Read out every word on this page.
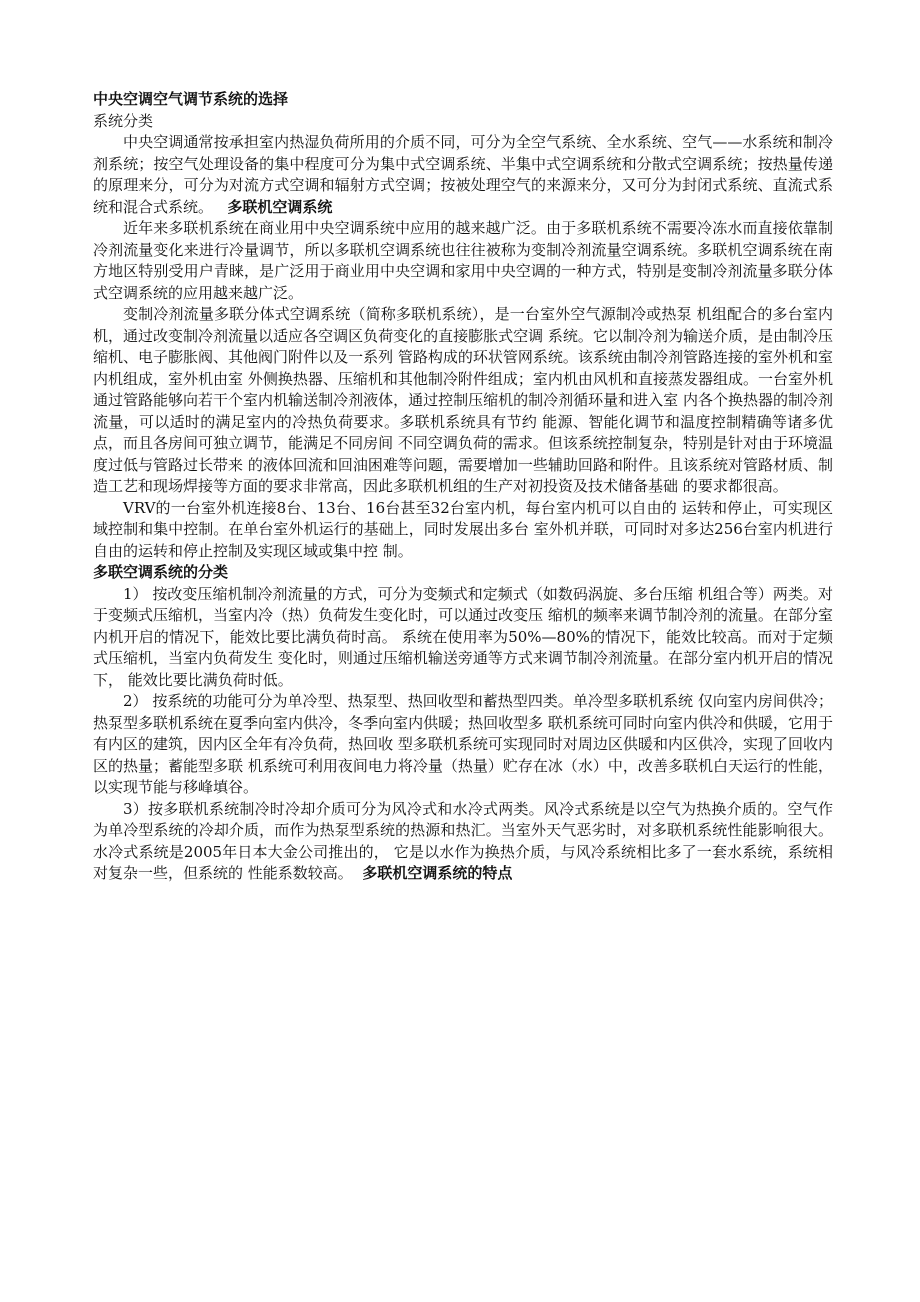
中央空调空气调节系统的选择

系统分类

中央空调通常按承担室内热湿负荷所用的介质不同，可分为全空气系统、全水系统、空气——水系统和制冷剂系统；按空气处理设备的集中程度可分为集中式空调系统、半集中式空调系统和分散式空调系统；按热量传递的原理来分，可分为对流方式空调和辐射方式空调；按被处理空气的来源来分，又可分为封闭式系统、直流式系统和混合式系统。 多联机空调系统

近年来多联机系统在商业用中央空调系统中应用的越来越广泛。由于多联机系统不需要冷冻水而直接依靠制冷剂流量变化来进行冷量调节，所以多联机空调系统也往往被称为变制冷剂流量空调系统。多联机空调系统在南方地区特别受用户青睐，是广泛用于商业用中央空调和家用中央空调的一种方式，特别是变制冷剂流量多联分体式空调系统的应用越来越广泛。

变制冷剂流量多联分体式空调系统（简称多联机系统），是一台室外空气源制冷或热泵 机组配合的多台室内机，通过改变制冷剂流量以适应各空调区负荷变化的直接膨胀式空调 系统。它以制冷剂为输送介质，是由制冷压缩机、电子膨胀阀、其他阀门附件以及一系列 管路构成的环状管网系统。该系统由制冷剂管路连接的室外机和室内机组成，室外机由室 外侧换热器、压缩机和其他制冷附件组成；室内机由风机和直接蒸发器组成。一台室外机 通过管路能够向若干个室内机输送制冷剂液体，通过控制压缩机的制冷剂循环量和进入室 内各个换热器的制冷剂流量，可以适时的满足室内的冷热负荷要求。多联机系统具有节约 能源、智能化调节和温度控制精确等诸多优点，而且各房间可独立调节，能满足不同房间 不同空调负荷的需求。但该系统控制复杂，特别是针对由于环境温度过低与管路过长带来 的液体回流和回油困难等问题，需要增加一些辅助回路和附件。且该系统对管路材质、制 造工艺和现场焊接等方面的要求非常高，因此多联机机组的生产对初投资及技术储备基础 的要求都很高。

VRV的一台室外机连接8台、13台、16台甚至32台室内机，每台室内机可以自由的 运转和停止，可实现区域控制和集中控制。在单台室外机运行的基础上，同时发展出多台 室外机并联，可同时对多达256台室内机进行自由的运转和停止控制及实现区域或集中控 制。

多联空调系统的分类

1） 按改变压缩机制冷剂流量的方式，可分为变频式和定频式（如数码涡旋、多台压缩 机组合等）两类。对于变频式压缩机，当室内冷（热）负荷发生变化时，可以通过改变压 缩机的频率来调节制冷剂的流量。在部分室内机开启的情况下，能效比要比满负荷时高。 系统在使用率为50%—80%的情况下，能效比较高。而对于定频式压缩机，当室内负荷发生 变化时，则通过压缩机输送旁通等方式来调节制冷剂流量。在部分室内机开启的情况下， 能效比要比满负荷时低。

2） 按系统的功能可分为单冷型、热泵型、热回收型和蓄热型四类。单冷型多联机系统 仅向室内房间供冷；热泵型多联机系统在夏季向室内供冷，冬季向室内供暖；热回收型多 联机系统可同时向室内供冷和供暖，它用于有内区的建筑，因内区全年有冷负荷，热回收 型多联机系统可实现同时对周边区供暖和内区供冷，实现了回收内区的热量；蓄能型多联 机系统可利用夜间电力将冷量（热量）贮存在冰（水）中，改善多联机白天运行的性能， 以实现节能与移峰填谷。

3）按多联机系统制冷时冷却介质可分为风冷式和水冷式两类。风冷式系统是以空气为热换介质的。空气作为单冷型系统的冷却介质，而作为热泵型系统的热源和热汇。当室外天气恶劣时，对多联机系统性能影响很大。水冷式系统是2005年日本大金公司推出的， 它是以水作为换热介质，与风冷系统相比多了一套水系统，系统相对复杂一些，但系统的 性能系数较高。 多联机空调系统的特点
